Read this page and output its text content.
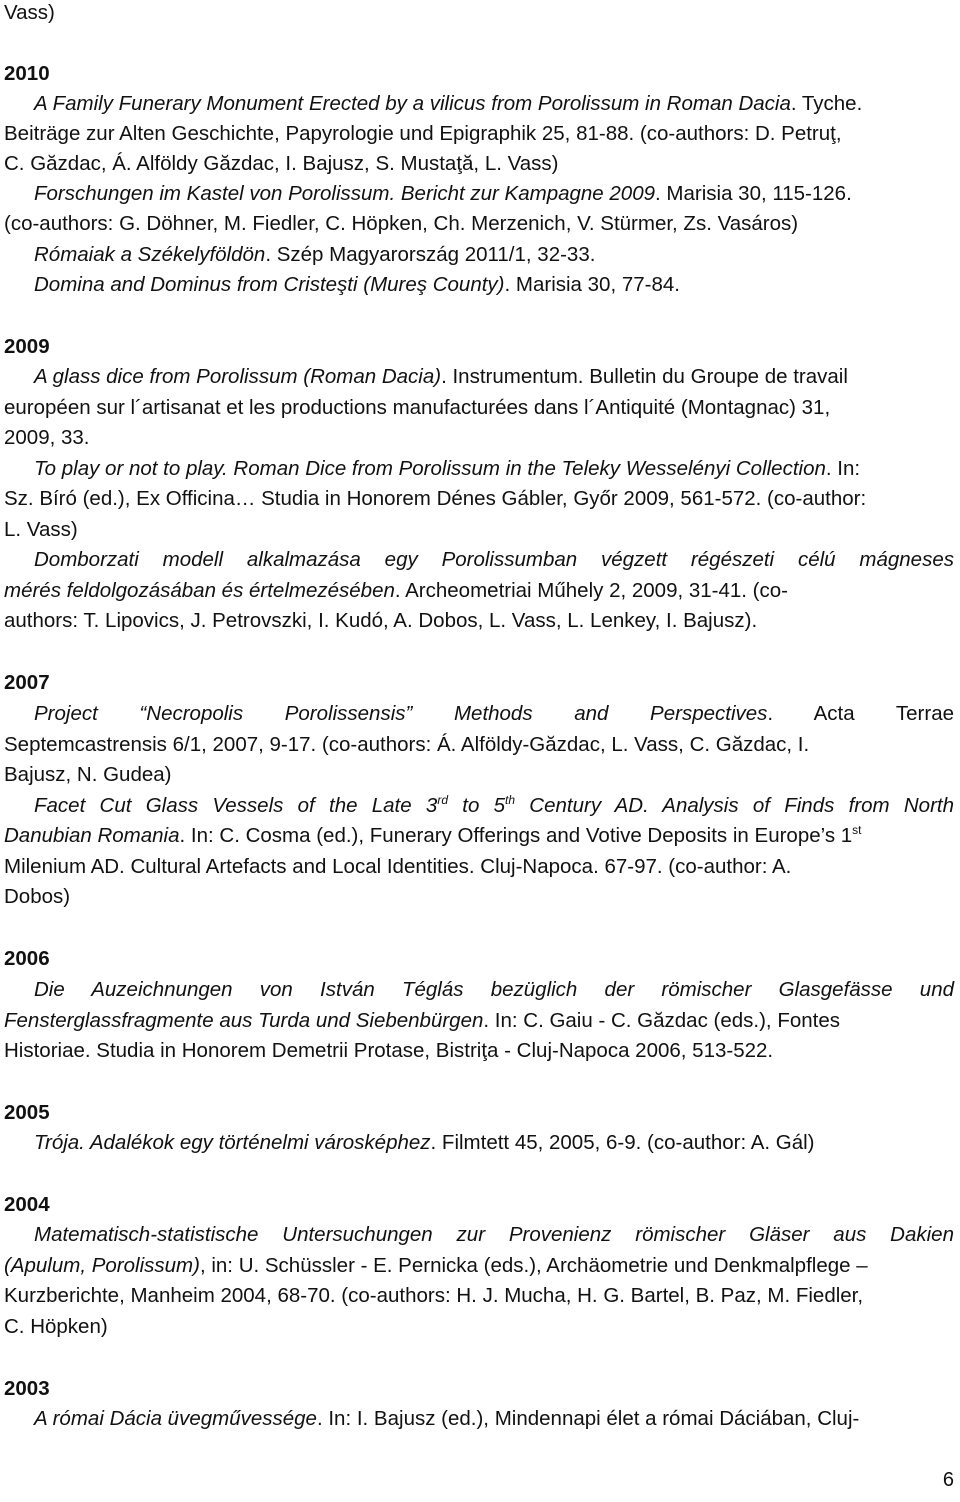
Vass)
2010
A Family Funerary Monument Erected by a vilicus from Porolissum in Roman Dacia. Tyche.
Beiträge zur Alten Geschichte, Papyrologie und Epigraphik 25, 81-88. (co-authors: D. Petruţ,
C. Găzdac, Á. Alföldy Găzdac, I. Bajusz, S. Mustaţă, L. Vass)
Forschungen im Kastel von Porolissum. Bericht zur Kampagne 2009. Marisia 30, 115-126.
(co-authors: G. Döhner, M. Fiedler, C. Höpken, Ch. Merzenich, V. Stürmer, Zs. Vasáros)
Rómaiak a Székelyföldön. Szép Magyarország 2011/1, 32-33.
Domina and Dominus from Cristeşti (Mureş County). Marisia 30, 77-84.
2009
A glass dice from Porolissum (Roman Dacia). Instrumentum. Bulletin du Groupe de travail
européen sur l´artisanat et les productions manufacturées dans l´Antiquité (Montagnac) 31,
2009, 33.
To play or not to play. Roman Dice from Porolissum in the Teleky Wesselényi Collection. In:
Sz. Bíró (ed.), Ex Officina… Studia in Honorem Dénes Gábler, Győr 2009, 561-572. (co-author:
L. Vass)
Domborzati modell alkalmazása egy Porolissumban végzett régészeti célú mágneses
mérés feldolgozásában és értelmezésében. Archeometriai Műhely 2, 2009, 31-41. (co-
authors: T. Lipovics, J. Petrovszki, I. Kudó, A. Dobos, L. Vass, L. Lenkey, I. Bajusz).
2007
Project “Necropolis Porolissensis” Methods and Perspectives. Acta Terrae
Septemcastrensis 6/1, 2007, 9-17. (co-authors: Á. Alföldy-Găzdac, L. Vass, C. Găzdac, I.
Bajusz, N. Gudea)
Facet Cut Glass Vessels of the Late 3rd to 5th Century AD. Analysis of Finds from North
Danubian Romania. In: C. Cosma (ed.), Funerary Offerings and Votive Deposits in Europe’s 1st
Milenium AD. Cultural Artefacts and Local Identities. Cluj-Napoca. 67-97. (co-author: A.
Dobos)
2006
Die Auzeichnungen von István Téglás bezüglich der römischer Glasgefässe und
Fensterglassfragmente aus Turda und Siebenbürgen. In: C. Gaiu - C. Găzdac (eds.), Fontes
Historiae. Studia in Honorem Demetrii Protase, Bistriţa - Cluj-Napoca 2006, 513-522.
2005
Trója. Adalékok egy történelmi városképhez. Filmtett 45, 2005, 6-9. (co-author: A. Gál)
2004
Matematisch-statistische Untersuchungen zur Provenienz römischer Gläser aus Dakien
(Apulum, Porolissum), in: U. Schüssler - E. Pernicka (eds.), Archäometrie und Denkmalpflege –
Kurzberichte, Manheim 2004, 68-70. (co-authors: H. J. Mucha, H. G. Bartel, B. Paz, M. Fiedler,
C. Höpken)
2003
A római Dácia üvegművessége. In: I. Bajusz (ed.), Mindennapi élet a római Dáciában, Cluj-
6
